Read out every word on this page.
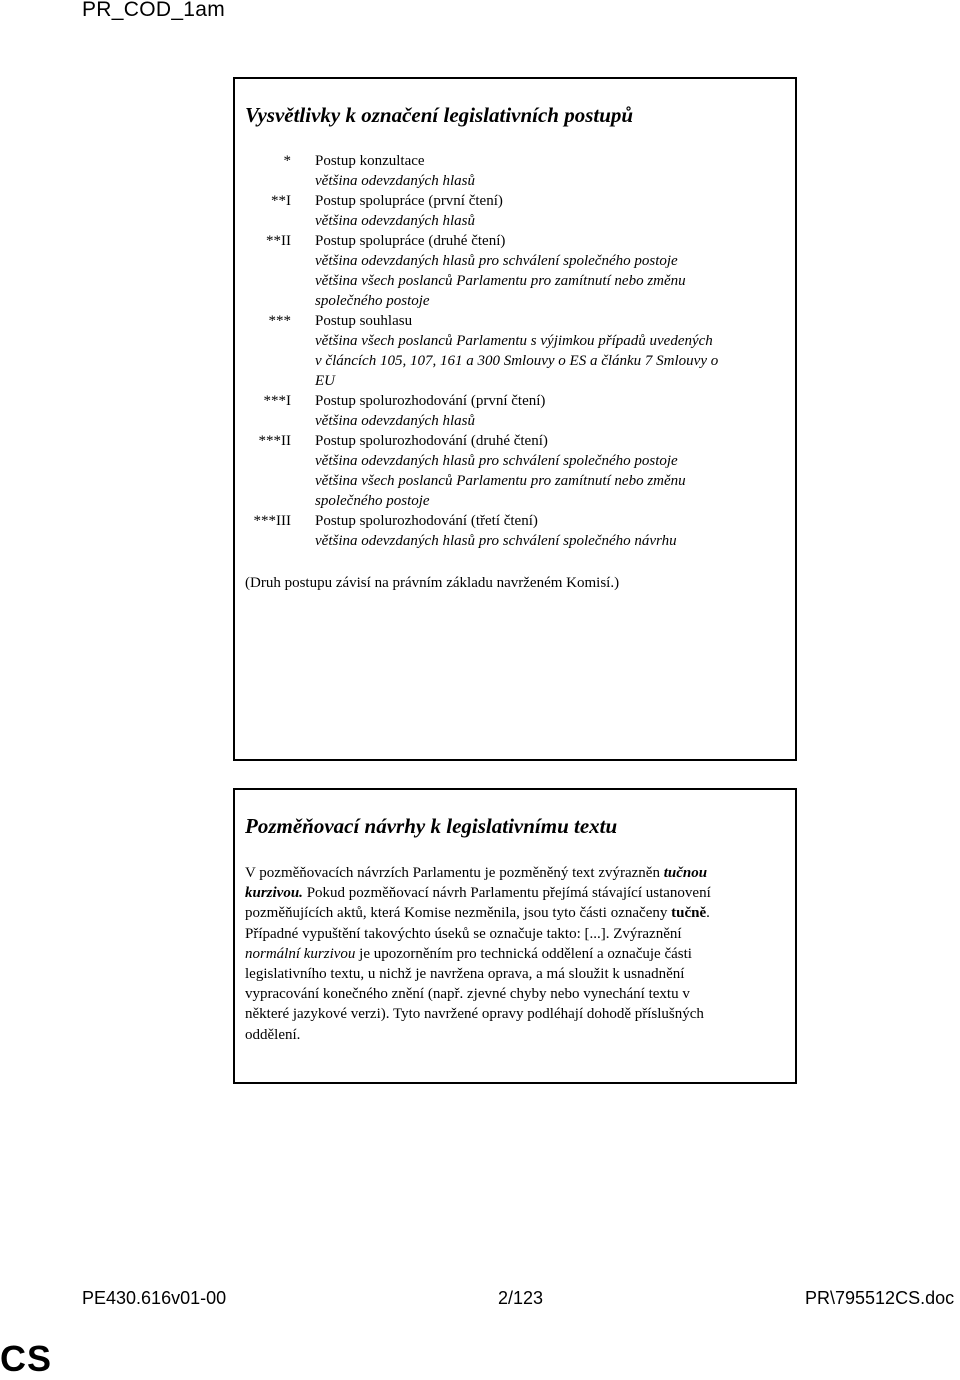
PR_COD_1am
Vysvětlivky k označení legislativních postupů
* Postup konzultace
většina odevzdaných hlasů
**I Postup spolupráce (první čtení)
většina odevzdaných hlasů
**II Postup spolupráce (druhé čtení)
většina odevzdaných hlasů pro schválení společného postoje
většina všech poslanců Parlamentu pro zamítnutí nebo změnu
společného postoje
*** Postup souhlasu
většina všech poslanců Parlamentu s výjimkou případů uvedených
v článcích 105, 107, 161 a 300 Smlouvy o ES a článku 7 Smlouvy o
EU
***I Postup spolurozhodování (první čtení)
většina odevzdaných hlasů
***II Postup spolurozhodování (druhé čtení)
většina odevzdaných hlasů pro schválení společného postoje
většina všech poslanců Parlamentu pro zamítnutí nebo změnu
společného postoje
***III Postup spolurozhodování (třetí čtení)
většina odevzdaných hlasů pro schválení společného návrhu
(Druh postupu závisí na právním základu navrženém Komisí.)
Pozměňovací návrhy k legislativnímu textu
V pozměňovacích návrzích Parlamentu je pozměněný text zvýrazněn tučnou
kurzivou. Pokud pozměňovací návrh Parlamentu přejímá stávající ustanovení
pozměňujících aktů, která Komise nezměnila, jsou tyto části označeny tučně.
Případné vypuštění takovýchto úseků se označuje takto: [...]. Zvýraznění
normální kurzivou je upozorněním pro technická oddělení a označuje části
legislativního textu, u nichž je navržena oprava, a má sloužit k usnadnění
vypracování konečného znění (např. zjevné chyby nebo vynechání textu v
některé jazykové verzi). Tyto navržené opravy podléhají dohodě příslušných
oddělení.
PE430.616v01-00	2/123	PR\795512CS.doc
CS
